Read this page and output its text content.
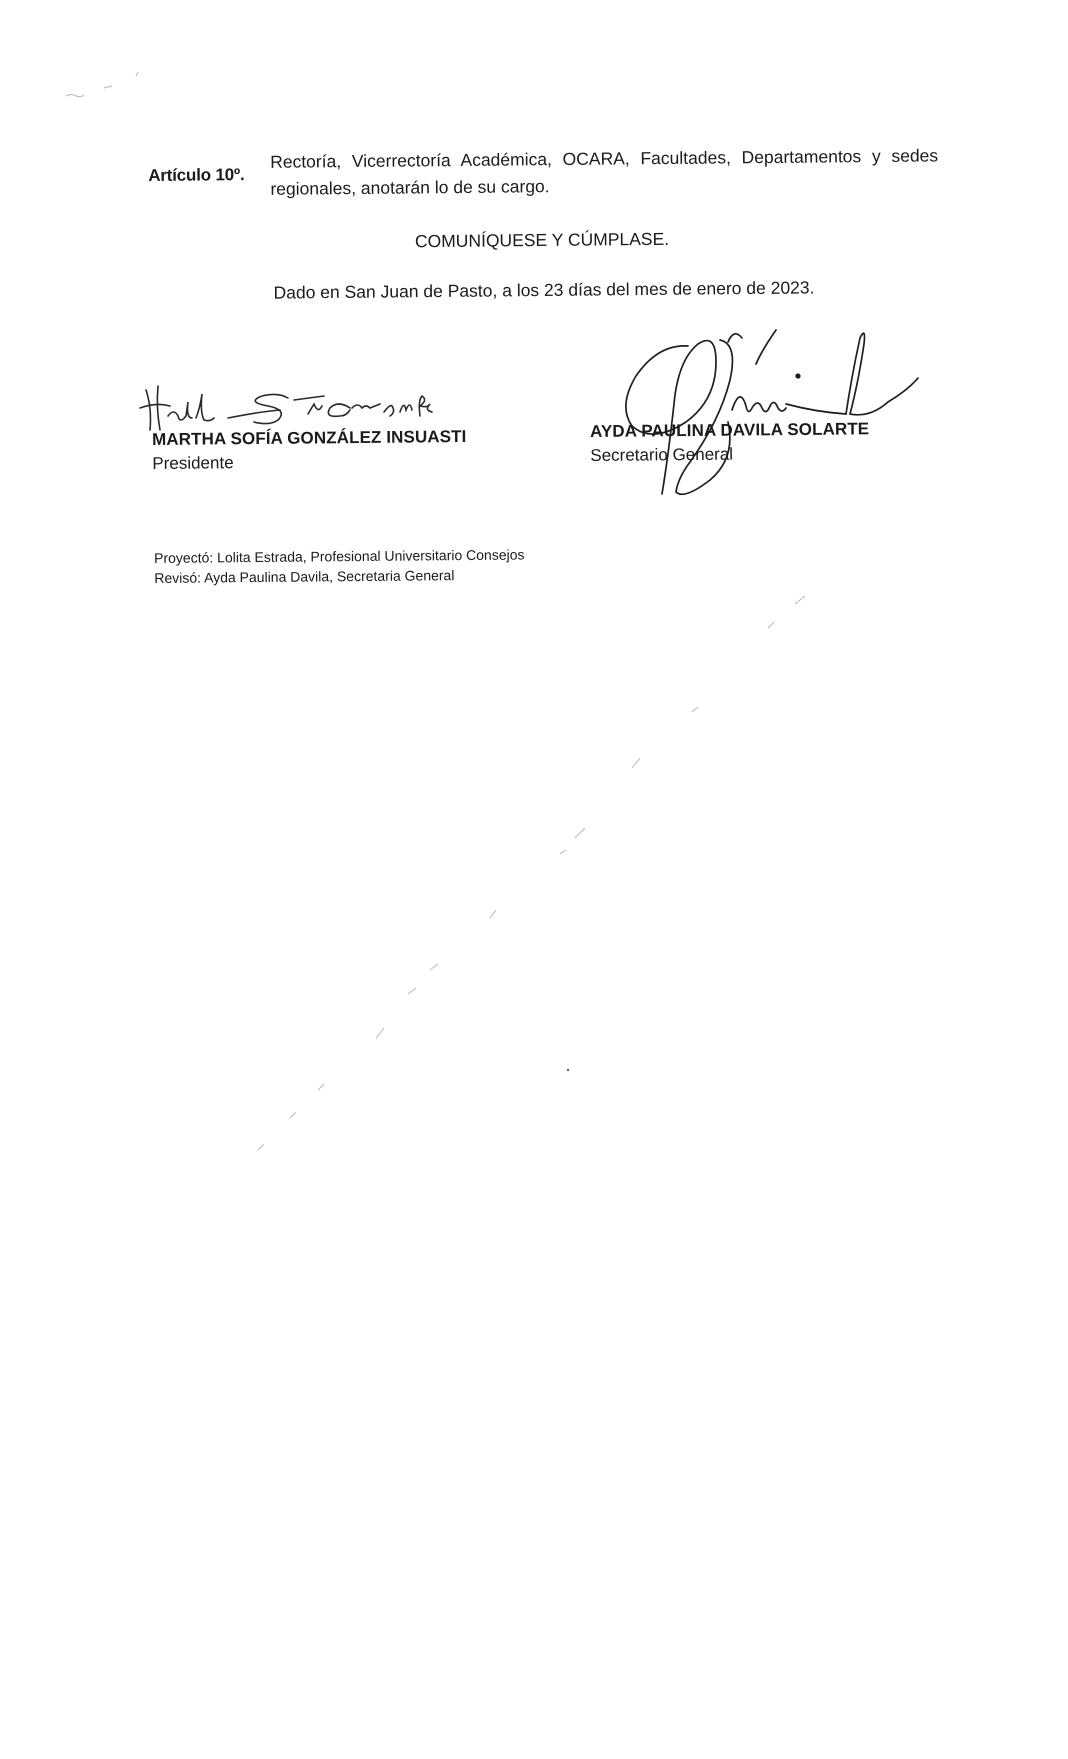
Artículo 10º.
Rectoría, Vicerrectoría Académica, OCARA, Facultades, Departamentos y sedes regionales, anotarán lo de su cargo.
COMUNÍQUESE Y CÚMPLASE.
Dado en San Juan de Pasto, a los 23 días del mes de enero de 2023.
MARTHA SOFÍA GONZÁLEZ INSUASTI
Presidente
AYDA PAULINA DAVILA SOLARTE
Secretario General
Proyectó: Lolita Estrada, Profesional Universitario Consejos
Revisó: Ayda Paulina Davila, Secretaria General
